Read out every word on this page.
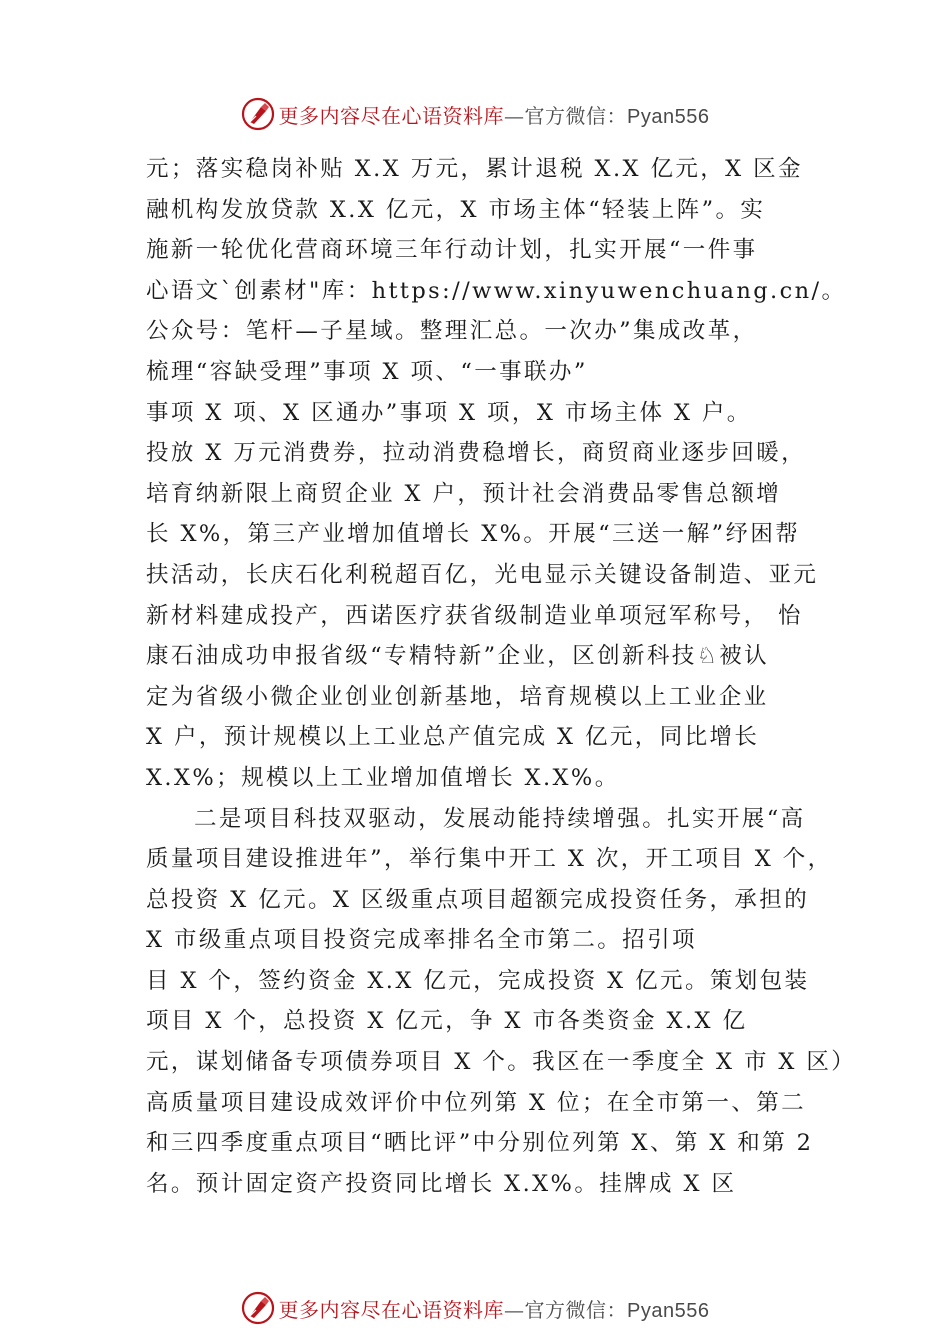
更多内容尽在心语资料库—官方微信：Pyan556
元；落实稳岗补贴 X.X 万元，累计退税 X.X 亿元，X 区金
融机构发放贷款 X.X 亿元，X 市场主体“轻装上阵”。实
施新一轮优化营商环境三年行动计划，扎实开展“一件事
心语文`创素材"库：https://www.xinyuwenchuang.cn/。
公众号：笔杆—子星域。整理汇总。一次办”集成改革，
梳理“容缺受理”事项 X 项、“一事联办”
事项 X 项、X 区通办”事项 X 项，X 市场主体 X 户。
投放 X 万元消费券，拉动消费稳增长，商贸商业逐步回暖，
培育纳新限上商贸企业 X 户，预计社会消费品零售总额增
长 X%，第三产业增加值增长 X%。开展“三送一解”纾困帮
扶活动，长庆石化利税超百亿，光电显示关键设备制造、亚元
新材料建成投产，西诺医疗获省级制造业单项冠军称号， 怡
康石油成功申报省级“专精特新”企业，区创新科技♘被认
定为省级小微企业创业创新基地，培育规模以上工业企业
X 户，预计规模以上工业总产值完成 X 亿元，同比增长
X.X%；规模以上工业增加值增长 X.X%。
二是项目科技双驱动，发展动能持续增强。扎实开展“高
质量项目建设推进年”，举行集中开工 X 次，开工项目 X 个，
总投资 X 亿元。X 区级重点项目超额完成投资任务，承担的
X 市级重点项目投资完成率排名全市第二。招引项
目 X 个，签约资金 X.X 亿元，完成投资 X 亿元。策划包装
项目 X 个，总投资 X 亿元，争 X 市各类资金 X.X 亿
元，谋划储备专项债券项目 X 个。我区在一季度全 X 市 X 区）
高质量项目建设成效评价中位列第 X 位；在全市第一、第二
和三四季度重点项目“晒比评”中分别位列第 X、第 X 和第 2
名。预计固定资产投资同比增长 X.X%。挂牌成 X 区
更多内容尽在心语资料库—官方微信：Pyan556
